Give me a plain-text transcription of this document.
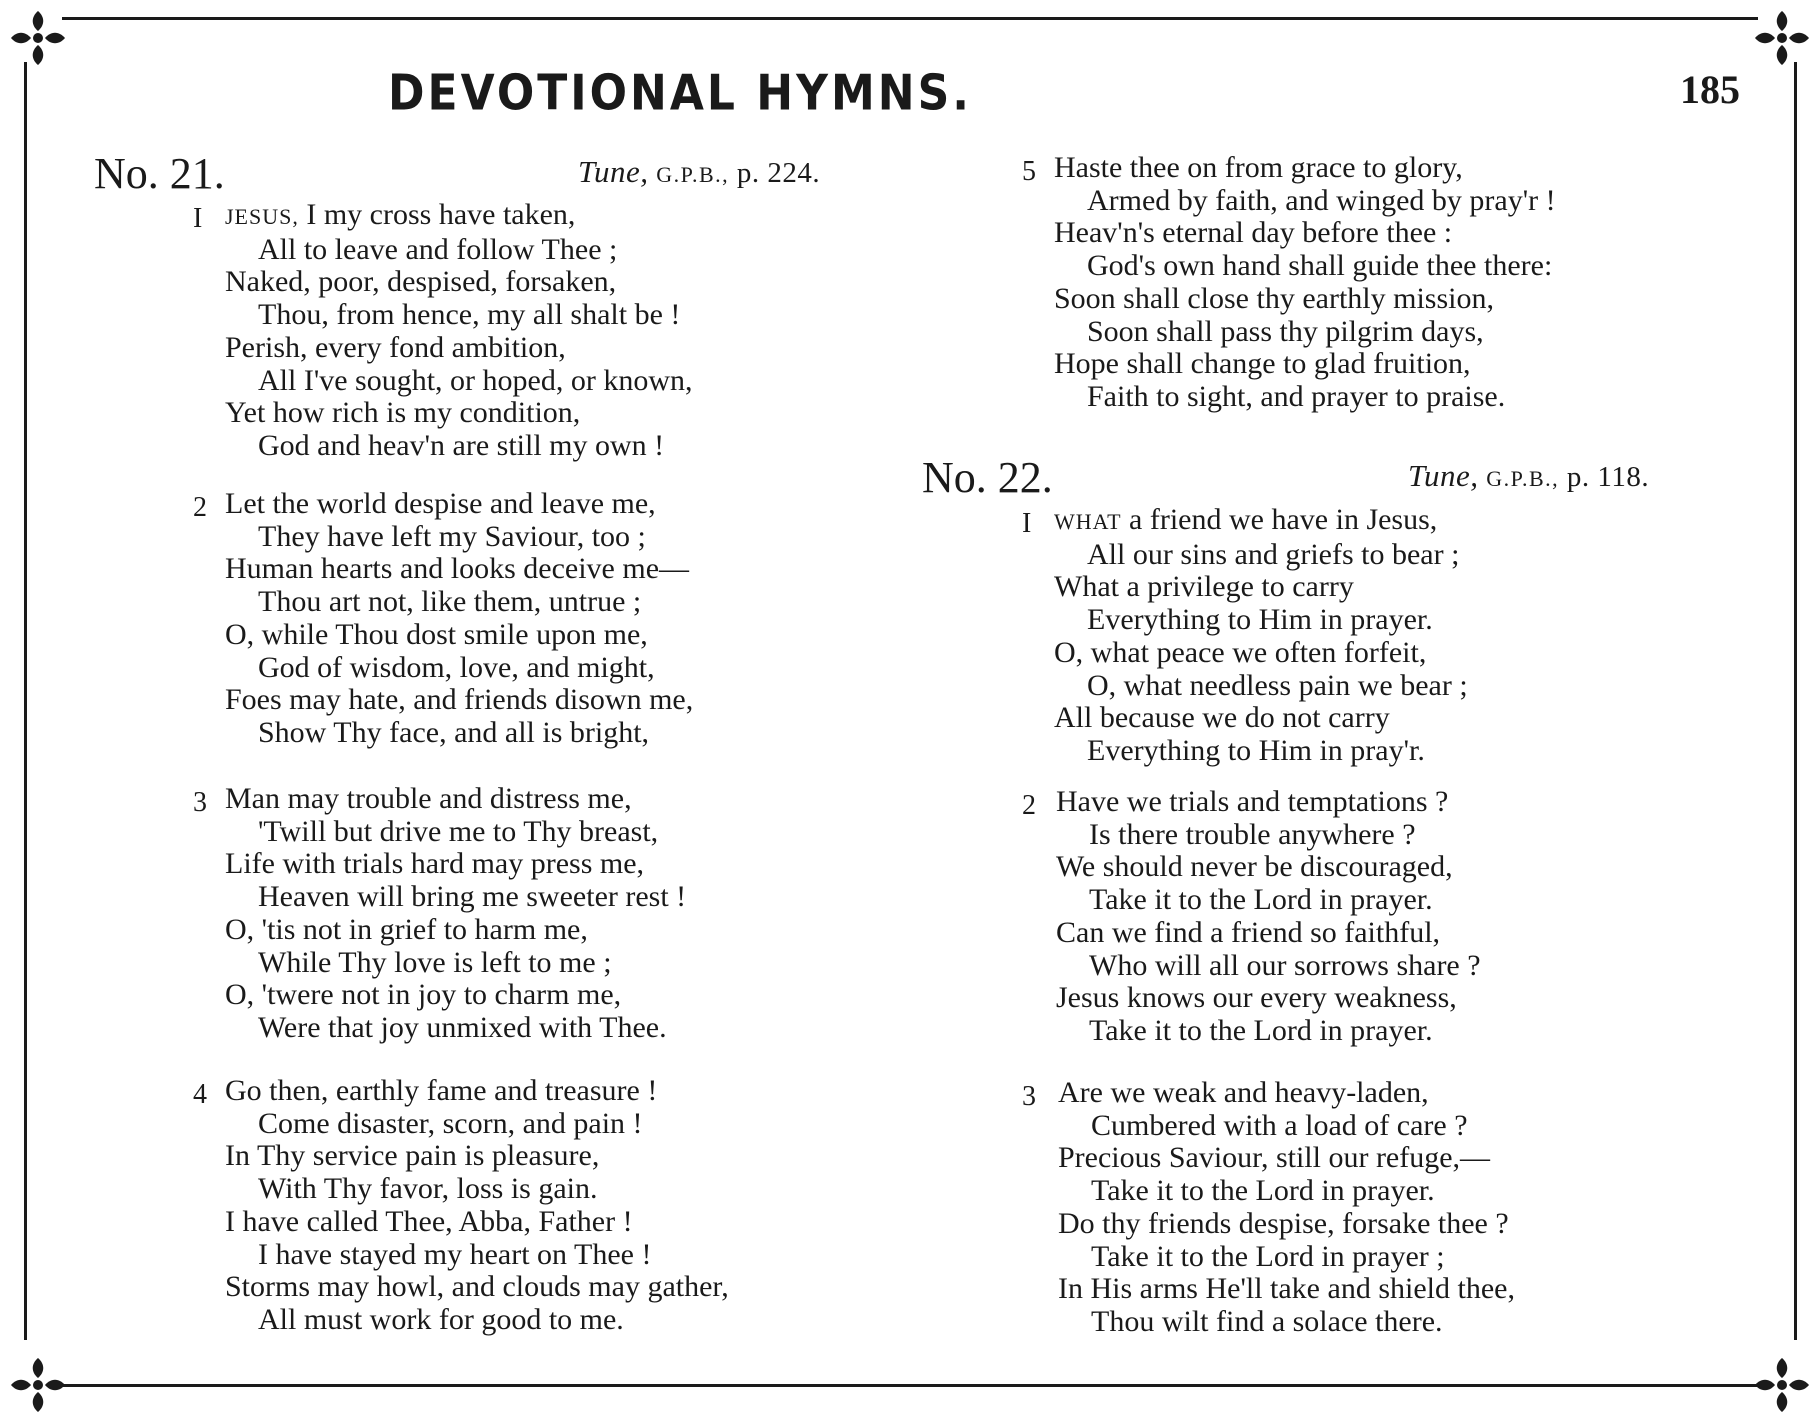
DEVOTIONAL HYMNS.	185
No. 21.	Tune, G.P.B., p. 224.
I JESUS, I my cross have taken,
All to leave and follow Thee ;
Naked, poor, despised, forsaken,
Thou, from hence, my all shalt be !
Perish, every fond ambition,
All I've sought, or hoped, or known,
Yet how rich is my condition,
God and heav'n are still my own !
2 Let the world despise and leave me,
They have left my Saviour, too ;
Human hearts and looks deceive me—
Thou art not, like them, untrue ;
O, while Thou dost smile upon me,
God of wisdom, love, and might,
Foes may hate, and friends disown me,
Show Thy face, and all is bright,
3 Man may trouble and distress me,
'Twill but drive me to Thy breast,
Life with trials hard may press me,
Heaven will bring me sweeter rest !
O, 'tis not in grief to harm me,
While Thy love is left to me ;
O, 'twere not in joy to charm me,
Were that joy unmixed with Thee.
4 Go then, earthly fame and treasure !
Come disaster, scorn, and pain !
In Thy service pain is pleasure,
With Thy favor, loss is gain.
I have called Thee, Abba, Father !
I have stayed my heart on Thee !
Storms may howl, and clouds may gather,
All must work for good to me.
5 Haste thee on from grace to glory,
Armed by faith, and winged by pray'r !
Heav'n's eternal day before thee :
God's own hand shall guide thee there:
Soon shall close thy earthly mission,
Soon shall pass thy pilgrim days,
Hope shall change to glad fruition,
Faith to sight, and prayer to praise.
No. 22.	Tune, G.P.B., p. 118.
I WHAT a friend we have in Jesus,
All our sins and griefs to bear ;
What a privilege to carry
Everything to Him in prayer.
O, what peace we often forfeit,
O, what needless pain we bear ;
All because we do not carry
Everything to Him in pray'r.
2 Have we trials and temptations ?
Is there trouble anywhere ?
We should never be discouraged,
Take it to the Lord in prayer.
Can we find a friend so faithful,
Who will all our sorrows share ?
Jesus knows our every weakness,
Take it to the Lord in prayer.
3 Are we weak and heavy-laden,
Cumbered with a load of care ?
Precious Saviour, still our refuge,—
Take it to the Lord in prayer.
Do thy friends despise, forsake thee ?
Take it to the Lord in prayer ;
In His arms He'll take and shield thee,
Thou wilt find a solace there.
